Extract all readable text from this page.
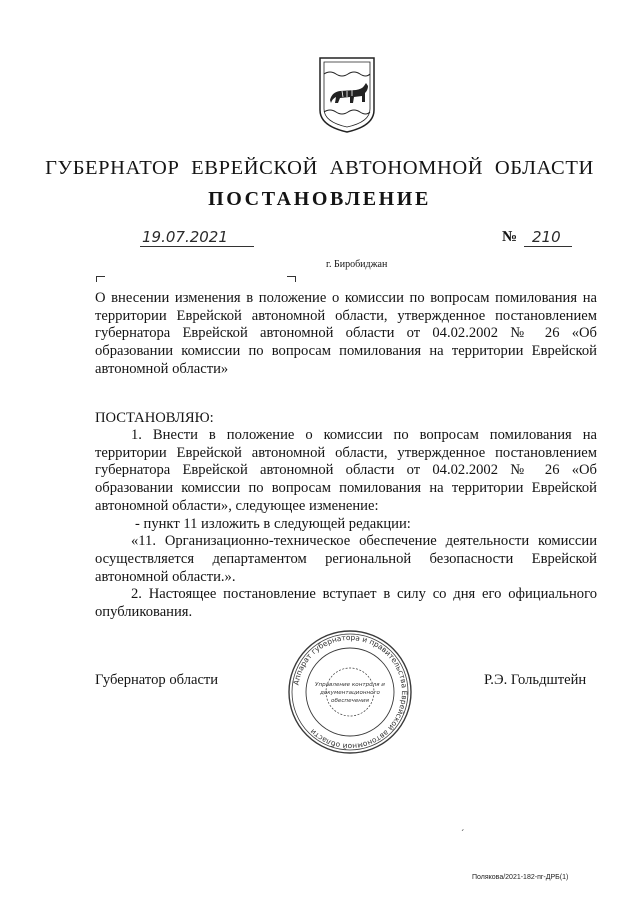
ГУБЕРНАТОР ЕВРЕЙСКОЙ АВТОНОМНОЙ ОБЛАСТИ
ПОСТАНОВЛЕНИЕ
19.07.2021	№ 210
г. Биробиджан
О внесении изменения в положение о комиссии по вопросам помилования на территории Еврейской автономной области, утвержденное постановлением губернатора Еврейской автономной области от 04.02.2002 № 26 «Об образовании комиссии по вопросам помилования на территории Еврейской автономной области»
ПОСТАНОВЛЯЮ:

1. Внести в положение о комиссии по вопросам помилования на территории Еврейской автономной области, утвержденное постановлением губернатора Еврейской автономной области от 04.02.2002 № 26 «Об образовании комиссии по вопросам помилования на территории Еврейской автономной области», следующее изменение:

- пункт 11 изложить в следующей редакции:

«11. Организационно-техническое обеспечение деятельности комиссии осуществляется департаментом региональной безопасности Еврейской автономной области.».

2. Настоящее постановление вступает в силу со дня его официального опубликования.

Губернатор области	Аппарат губернатора и правительства Еврейской автономной области
Управление контроля и
документационного
обеспечения
Р.Э. Гольдштейн
ˊ
Полякова/2021-182-пг-ДРБ(1)
